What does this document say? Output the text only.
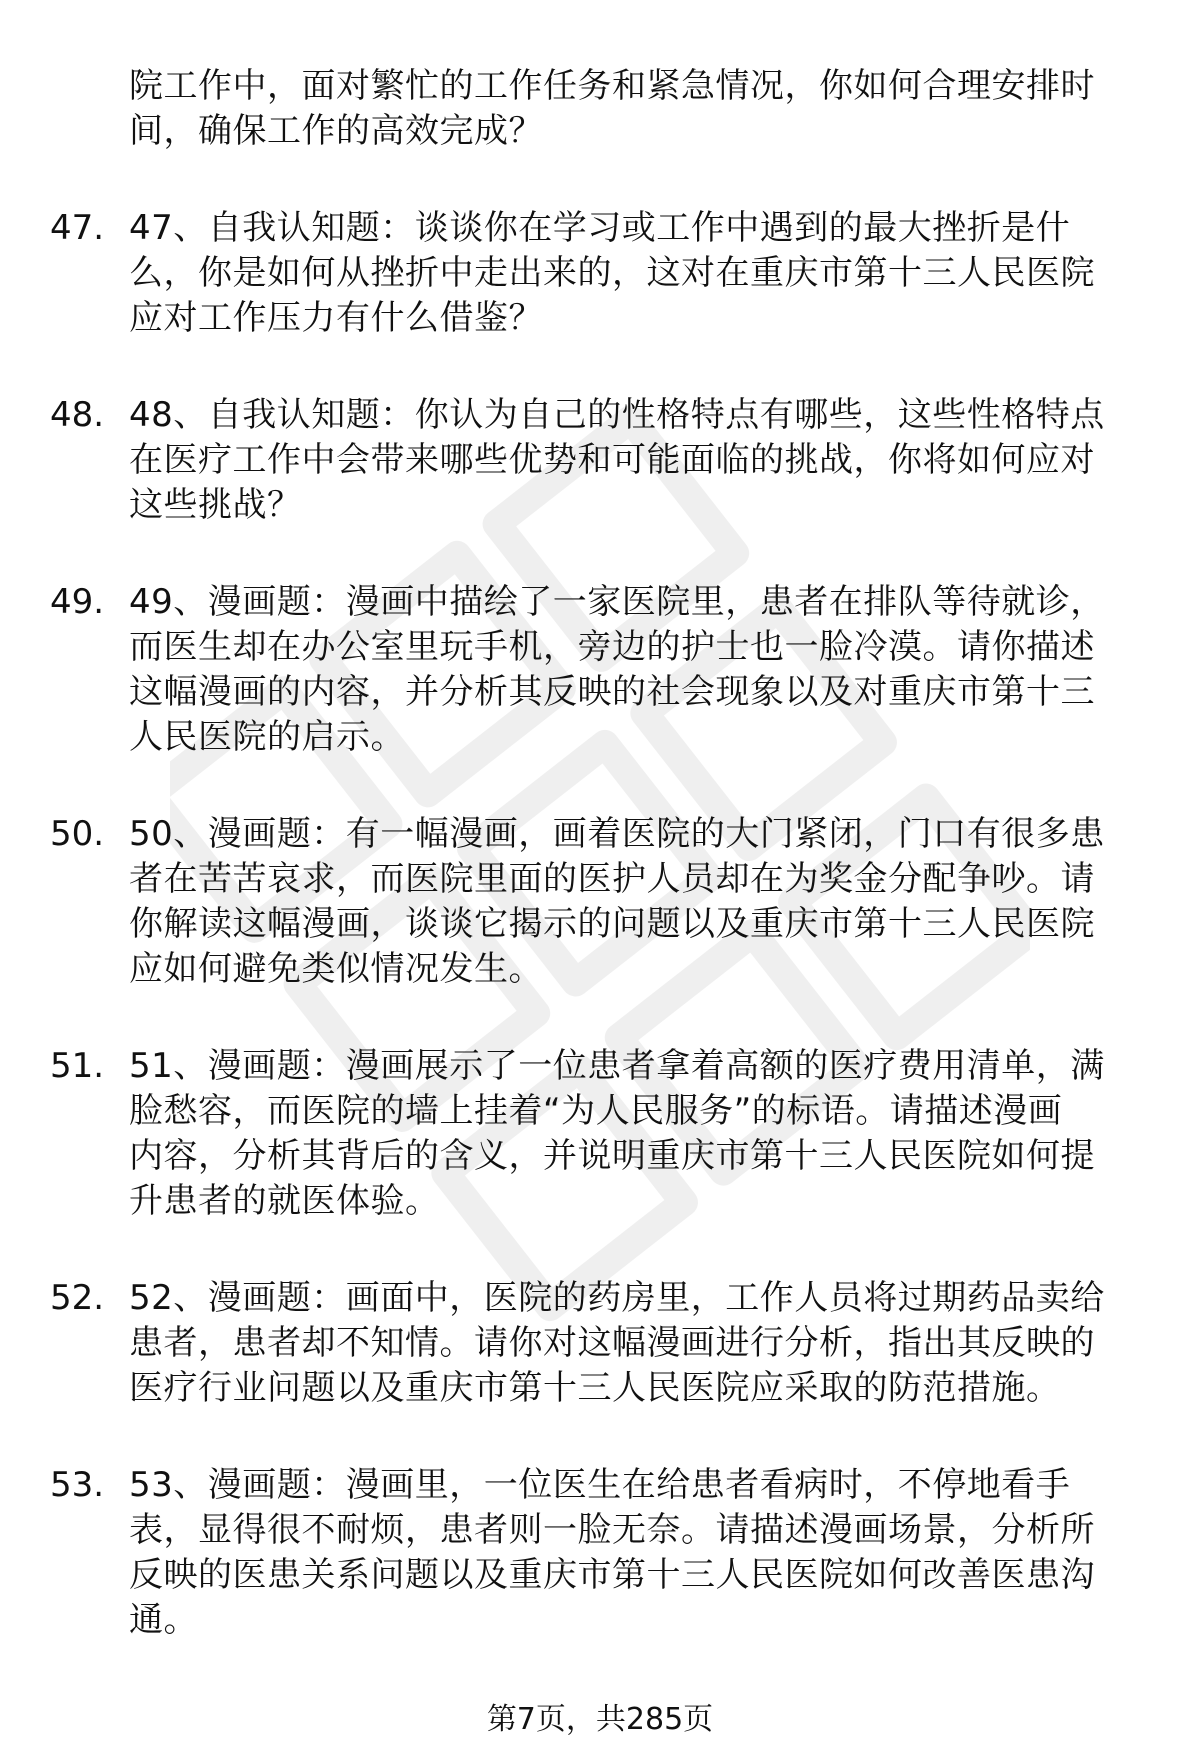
院工作中，面对繁忙的工作任务和紧急情况，你如何合理安排时
间，确保工作的高效完成？
47. 47、自我认知题：谈谈你在学习或工作中遇到的最大挫折是什
么，你是如何从挫折中走出来的，这对在重庆市第十三人民医院
应对工作压力有什么借鉴？
48. 48、自我认知题：你认为自己的性格特点有哪些，这些性格特点
在医疗工作中会带来哪些优势和可能面临的挑战，你将如何应对
这些挑战？
49. 49、漫画题：漫画中描绘了一家医院里，患者在排队等待就诊，
而医生却在办公室里玩手机，旁边的护士也一脸冷漠。请你描述
这幅漫画的内容，并分析其反映的社会现象以及对重庆市第十三
人民医院的启示。
50. 50、漫画题：有一幅漫画，画着医院的大门紧闭，门口有很多患
者在苦苦哀求，而医院里面的医护人员却在为奖金分配争吵。请
你解读这幅漫画，谈谈它揭示的问题以及重庆市第十三人民医院
应如何避免类似情况发生。
51. 51、漫画题：漫画展示了一位患者拿着高额的医疗费用清单，满
脸愁容，而医院的墙上挂着“为人民服务”的标语。请描述漫画
内容，分析其背后的含义，并说明重庆市第十三人民医院如何提
升患者的就医体验。
52. 52、漫画题：画面中，医院的药房里，工作人员将过期药品卖给
患者，患者却不知情。请你对这幅漫画进行分析，指出其反映的
医疗行业问题以及重庆市第十三人民医院应采取的防范措施。
53. 53、漫画题：漫画里，一位医生在给患者看病时，不停地看手
表，显得很不耐烦，患者则一脸无奈。请描述漫画场景，分析所
反映的医患关系问题以及重庆市第十三人民医院如何改善医患沟
通。
第7页，共285页
